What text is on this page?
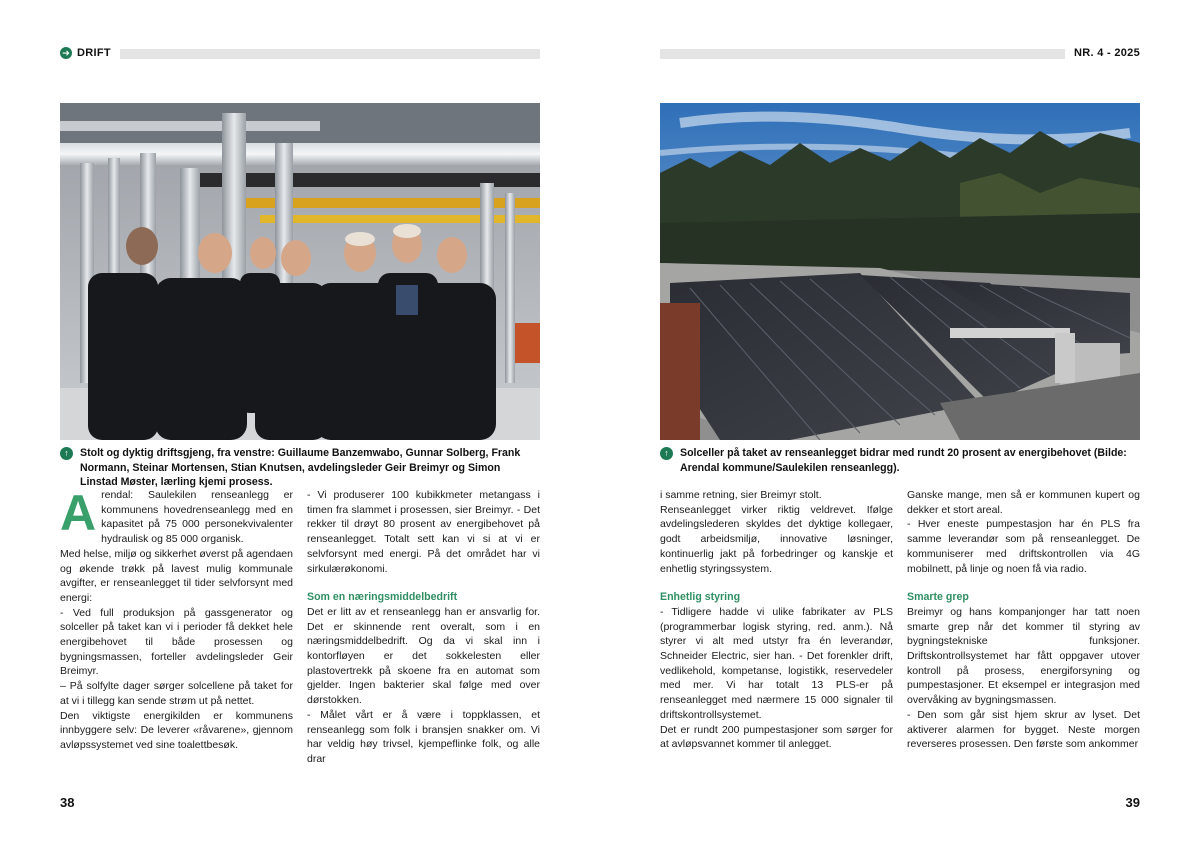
➔ DRIFT
↑	Stolt og dyktig driftsgjeng, fra venstre: Guillaume Banzemwabo, Gunnar Solberg, Frank Normann, Steinar Mortensen, Stian Knutsen, avdelingsleder Geir Breimyr og Simon Linstad Møster, lærling kjemi prosess.

Arendal: Saulekilen renseanlegg er kommunens hovedrenseanlegg med en kapasitet på 75 000 personekvivalenter hydraulisk og 85 000 organisk.

Med helse, miljø og sikkerhet øverst på agendaen og økende trøkk på lavest mulig kommunale avgifter, er renseanlegget til tider selvforsynt med energi:

- Ved full produksjon på gassgenerator og solceller på taket kan vi i perioder få dekket hele energibehovet til både prosessen og bygningsmassen, forteller avdelingsleder Geir Breimyr.

– På solfylte dager sørger solcellene på taket for at vi i tillegg kan sende strøm ut på nettet.

Den viktigste energikilden er kommunens innbyggere selv: De leverer «råvarene», gjennom avløpssystemet ved sine toalettbesøk.

- Vi produserer 100 kubikkmeter metangass i timen fra slammet i prosessen, sier Breimyr. - Det rekker til drøyt 80 prosent av energibehovet på renseanlegget. Totalt sett kan vi si at vi er selvforsynt med energi. På det området har vi sirkulærøkonomi.

Som en næringsmiddelbedrift

Det er litt av et renseanlegg han er ansvarlig for. Det er skinnende rent overalt, som i en næringsmiddelbedrift. Og da vi skal inn i kontorfløyen er det sokkelesten eller plastovertrekk på skoene fra en automat som gjelder. Ingen bakterier skal følge med over dørstokken.

- Målet vårt er å være i toppklassen, et renseanlegg som folk i bransjen snakker om. Vi har veldig høy trivsel, kjempeflinke folk, og alle drar

38
NR. 4 - 2025
↑	Solceller på taket av renseanlegget bidrar med rundt 20 prosent av energibehovet (Bilde: Arendal kommune/Saulekilen renseanlegg).

i samme retning, sier Breimyr stolt.

Renseanlegget virker riktig veldrevet. Ifølge avdelingslederen skyldes det dyktige kollegaer, godt arbeidsmiljø, innovative løsninger, kontinuerlig jakt på forbedringer og kanskje et enhetlig styringssystem.

Enhetlig styring

- Tidligere hadde vi ulike fabrikater av PLS (programmerbar logisk styring, red. anm.). Nå styrer vi alt med utstyr fra én leverandør, Schneider Electric, sier han. - Det forenkler drift, vedlikehold, kompetanse, logistikk, reservedeler med mer. Vi har totalt 13 PLS-er på renseanlegget med nærmere 15 000 signaler til driftskontrollsystemet.

Det er rundt 200 pumpestasjoner som sørger for at avløpsvannet kommer til anlegget.

Ganske mange, men så er kommunen kupert og dekker et stort areal.

- Hver eneste pumpestasjon har én PLS fra samme leverandør som på renseanlegget. De kommuniserer med driftskontrollen via 4G mobilnett, på linje og noen få via radio.

Smarte grep

Breimyr og hans kompanjonger har tatt noen smarte grep når det kommer til styring av bygningstekniske funksjoner. Driftskontrollsystemet har fått oppgaver utover kontroll på prosess, energiforsyning og pumpestasjoner. Et eksempel er integrasjon med overvåking av bygningsmassen.

- Den som går sist hjem skrur av lyset. Det aktiverer alarmen for bygget. Neste morgen reverseres prosessen. Den første som ankommer

39
